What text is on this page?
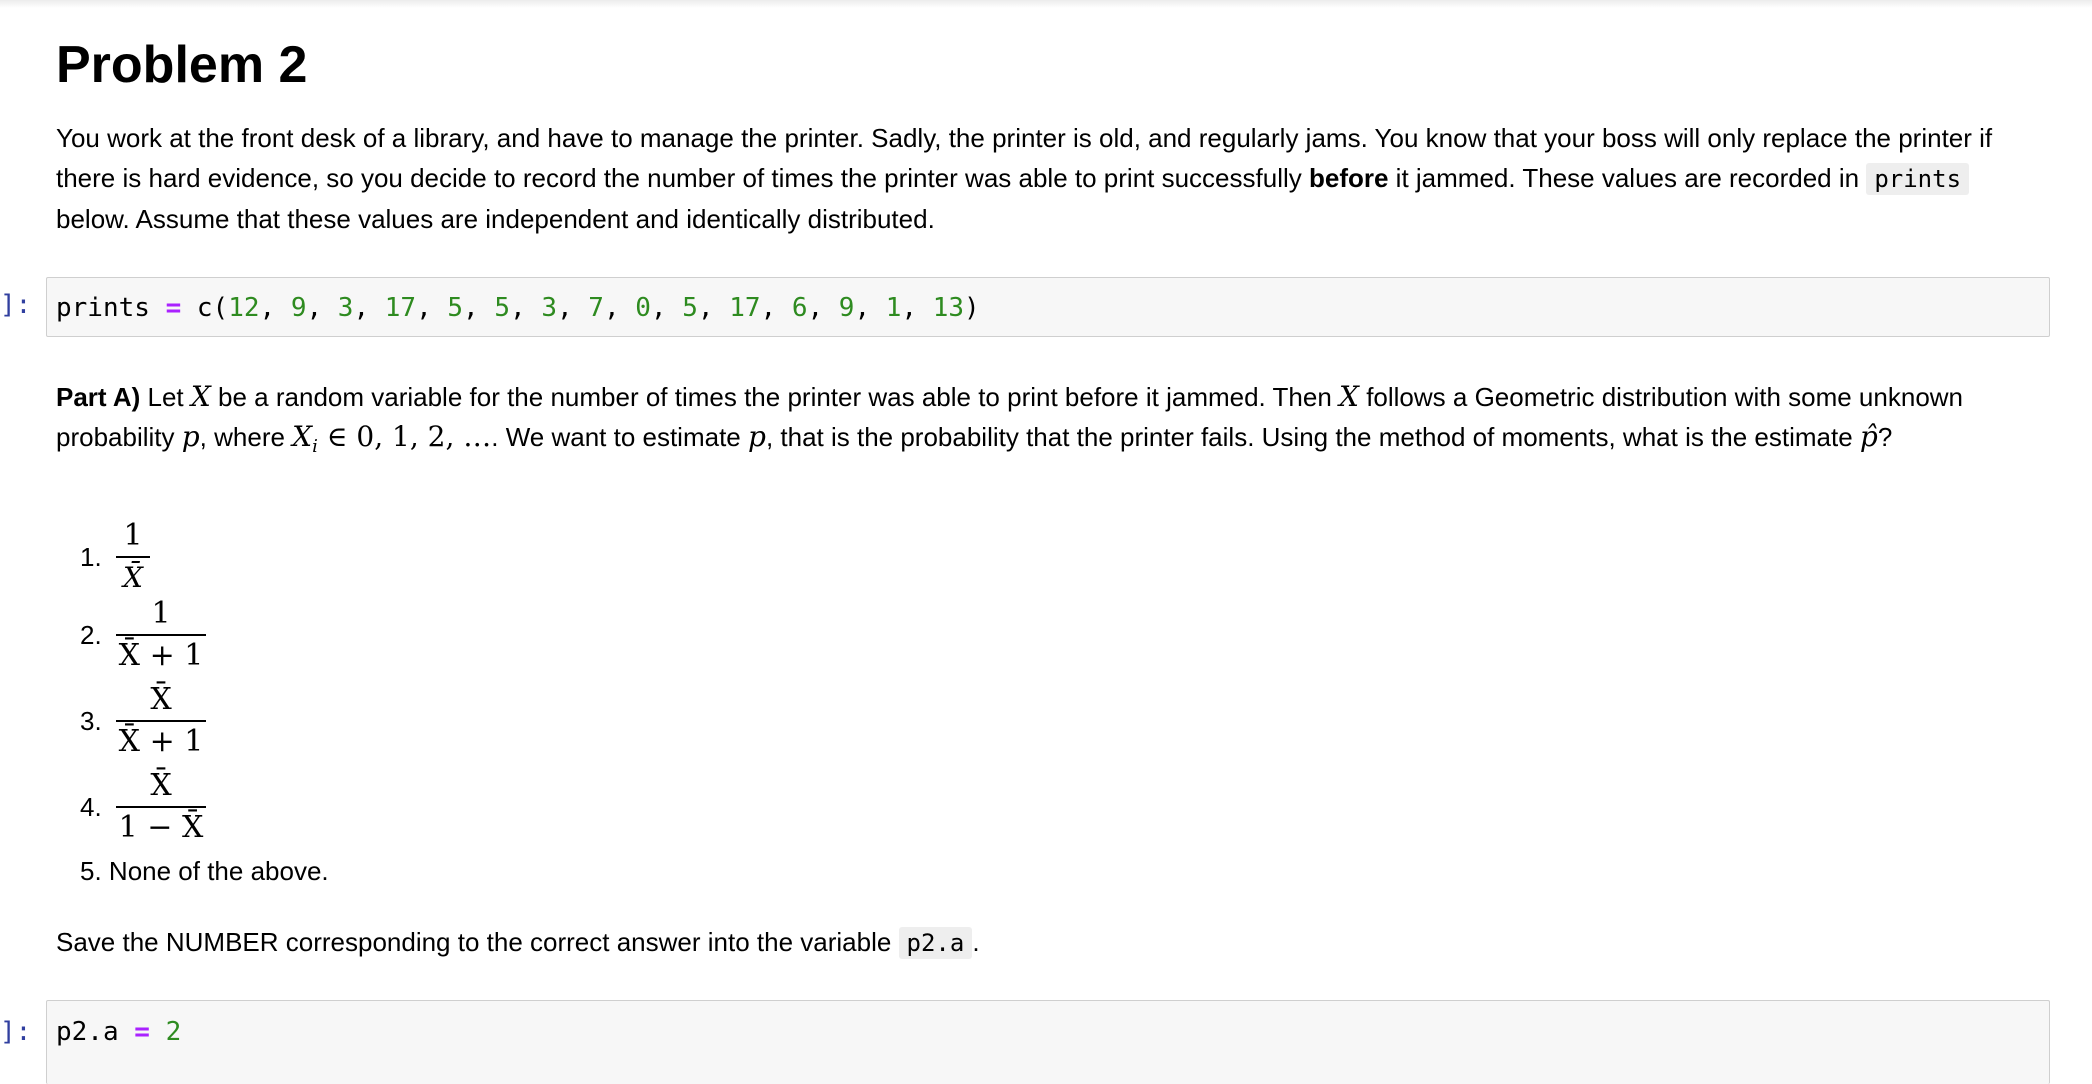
Problem 2
You work at the front desk of a library, and have to manage the printer. Sadly, the printer is old, and regularly jams. You know that your boss will only replace the printer if there is hard evidence, so you decide to record the number of times the printer was able to print successfully before it jammed. These values are recorded in prints below. Assume that these values are independent and identically distributed.
]: prints = c(12, 9, 3, 17, 5, 5, 3, 7, 0, 5, 17, 6, 9, 1, 13)
Part A) Let X be a random variable for the number of times the printer was able to print before it jammed. Then X follows a Geometric distribution with some unknown probability p, where $X_i$ ∈ 0, 1, 2, …. We want to estimate p, that is the probability that the printer fails. Using the method of moments, what is the estimate p̂?
1.
1
X̄
2.
1
X̄ + 1
3.
X̄
X̄ + 1
4.
X̄
1 − X̄
5. None of the above.
Save the NUMBER corresponding to the correct answer into the variable p2.a .
]: p2.a = 2
